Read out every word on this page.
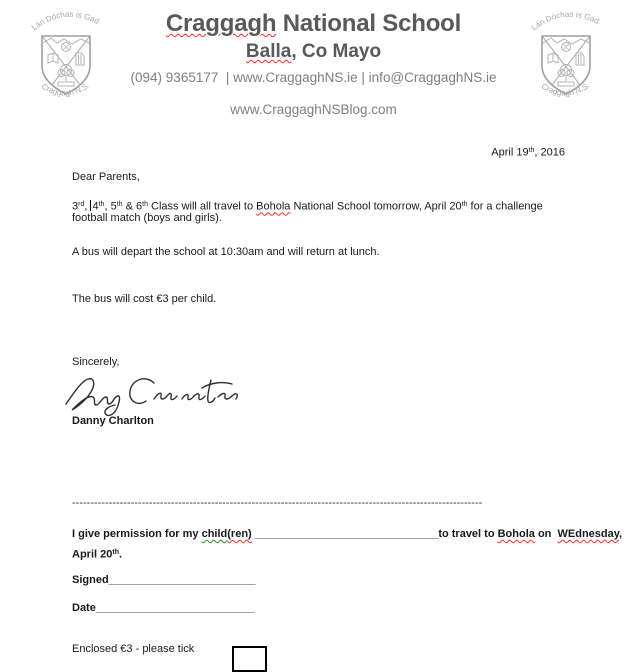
Lán Dóchas is Gad
Craggagh N.S.
Lán Dóchas is Gad
Craggagh N.S.
Craggagh National School
Balla, Co Mayo
(094) 9365177  | www.CraggaghNS.ie | info@CraggaghNS.ie
www.CraggaghNSBlog.com
April 19th, 2016
Dear Parents,
3rd, 4th, 5th & 6th Class will all travel to Bohola National School tomorrow, April 20th for a challenge
football match (boys and girls).
A bus will depart the school at 10:30am and will return at lunch.
The bus will cost €3 per child.
Sincerely,
Danny Charlton
----------------------------------------------------------------------------------------------------------------
I give permission for my child(ren) ______________________________to travel to Bohola on  WEdnesday,
April 20th.
Signed________________________
Date__________________________
Enclosed €3 - please tick
